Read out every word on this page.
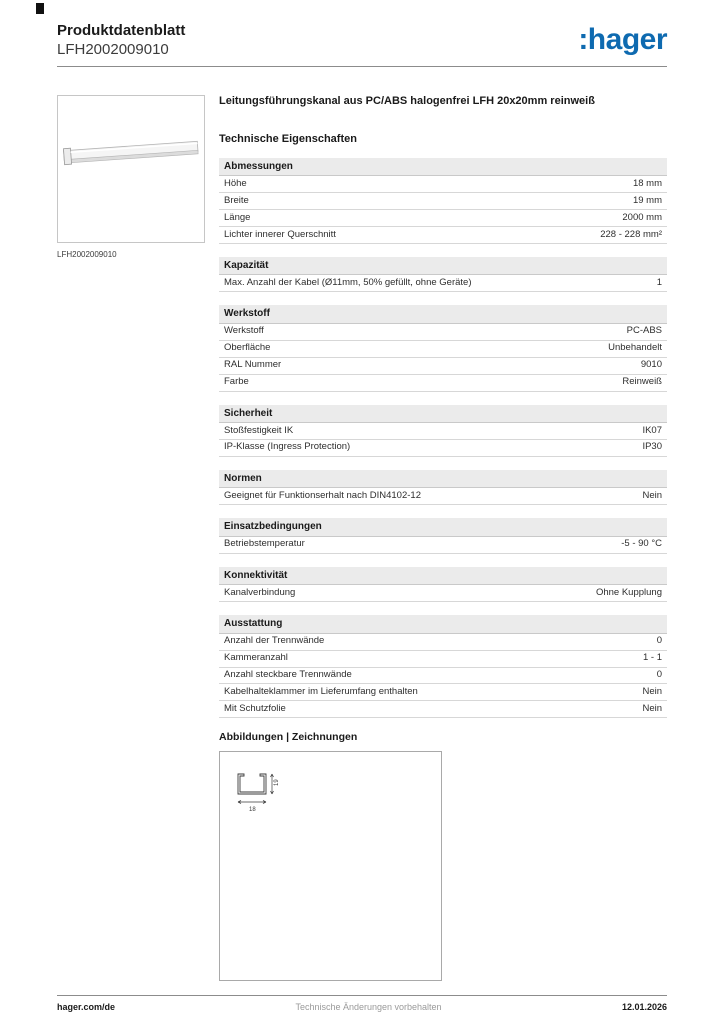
Produktdatenblatt
LFH2002009010	:hager
LFH2002009010
Leitungsführungskanal aus PC/ABS halogenfrei LFH 20x20mm reinweiß
Technische Eigenschaften
Abmessungen
Höhe	18 mm
Breite	19 mm
Länge	2000 mm
Lichter innerer Querschnitt	228 - 228 mm²
Kapazität
Max. Anzahl der Kabel (Ø11mm, 50% gefüllt, ohne Geräte)	1
Werkstoff
Werkstoff	PC-ABS
Oberfläche	Unbehandelt
RAL Nummer	9010
Farbe	Reinweiß
Sicherheit
Stoßfestigkeit IK	IK07
IP-Klasse (Ingress Protection)	IP30
Normen
Geeignet für Funktionserhalt nach DIN4102-12	Nein
Einsatzbedingungen
Betriebstemperatur	-5 - 90 °C
Konnektivität
Kanalverbindung	Ohne Kupplung
Ausstattung
Anzahl der Trennwände	0
Kammeranzahl	1 - 1
Anzahl steckbare Trennwände	0
Kabelhalteklammer im Lieferumfang enthalten	Nein
Mit Schutzfolie	Nein
Abbildungen | Zeichnungen
19
18
hager.com/de	Technische Änderungen vorbehalten	12.01.2026
